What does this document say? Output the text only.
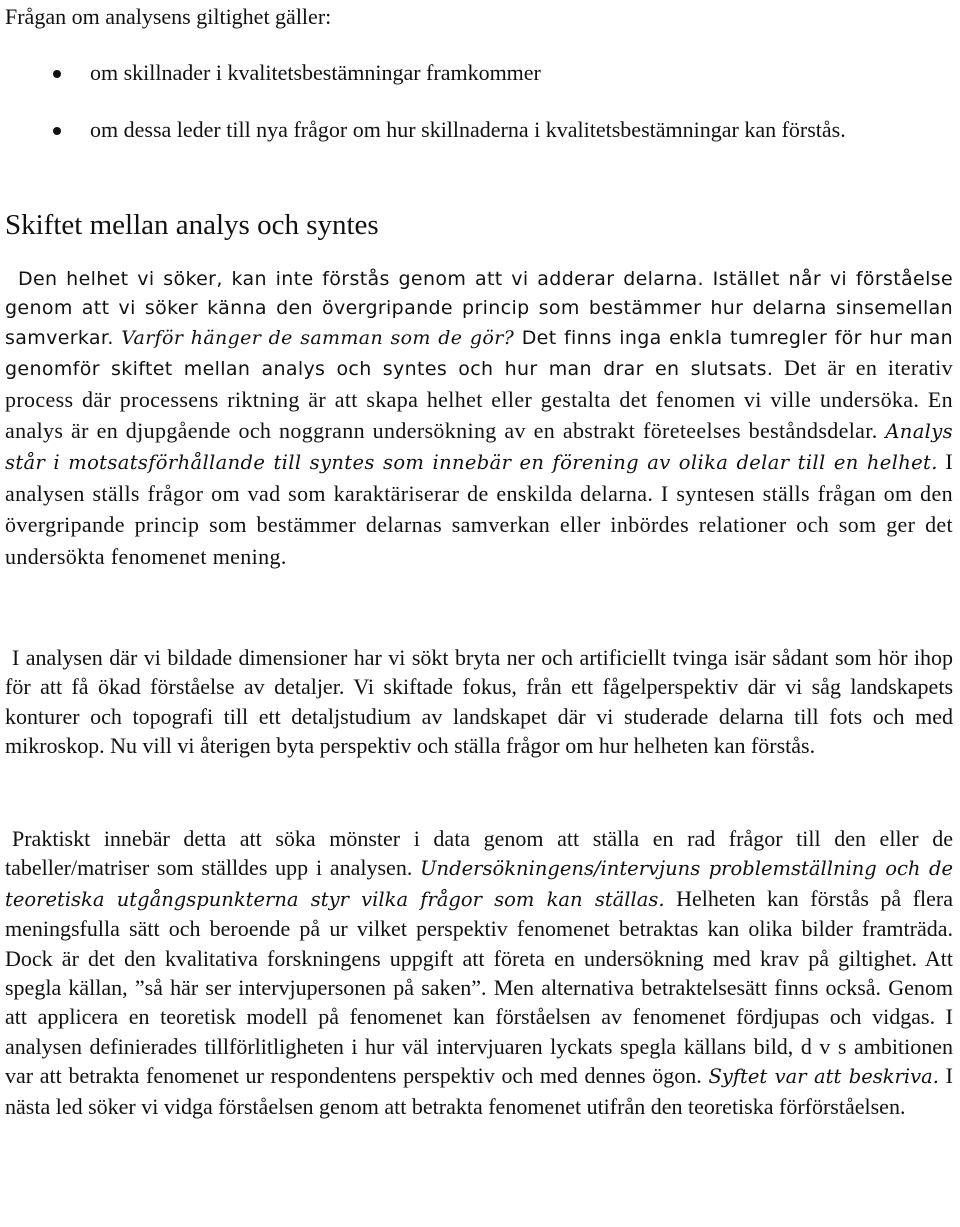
Frågan om analysens giltighet gäller:

om skillnader i kvalitetsbestämningar framkommer
om dessa leder till nya frågor om hur skillnaderna i kvalitetsbestämningar kan förstås.
Skiftet mellan analys och syntes

Den helhet vi söker, kan inte förstås genom att vi adderar delarna. Istället når vi förståelse genom att vi söker känna den övergripande princip som bestämmer hur delarna sinsemellan samverkar. Varför hänger de samman som de gör? Det finns inga enkla tumregler för hur man genomför skiftet mellan analys och syntes och hur man drar en slutsats. Det är en iterativ process där processens riktning är att skapa helhet eller gestalta det fenomen vi ville undersöka. En analys är en djupgående och noggrann undersökning av en abstrakt företeelses beståndsdelar. Analys står i motsatsförhållande till syntes som innebär en förening av olika delar till en helhet. I analysen ställs frågor om vad som karaktäriserar de enskilda delarna. I syntesen ställs frågan om den övergripande princip som bestämmer delarnas samverkan eller inbördes relationer och som ger det undersökta fenomenet mening.

I analysen där vi bildade dimensioner har vi sökt bryta ner och artificiellt tvinga isär sådant som hör ihop för att få ökad förståelse av detaljer. Vi skiftade fokus, från ett fågelperspektiv där vi såg landskapets konturer och topografi till ett detaljstudium av landskapet där vi studerade delarna till fots och med mikroskop. Nu vill vi återigen byta perspektiv och ställa frågor om hur helheten kan förstås.

Praktiskt innebär detta att söka mönster i data genom att ställa en rad frågor till den eller de tabeller/matriser som ställdes upp i analysen. Undersökningens/intervjuns problemställning och de teoretiska utgångspunkterna styr vilka frågor som kan ställas. Helheten kan förstås på flera meningsfulla sätt och beroende på ur vilket perspektiv fenomenet betraktas kan olika bilder framträda. Dock är det den kvalitativa forskningens uppgift att företa en undersökning med krav på giltighet. Att spegla källan, ”så här ser intervjupersonen på saken”. Men alternativa betraktelsesätt finns också. Genom att applicera en teoretisk modell på fenomenet kan förståelsen av fenomenet fördjupas och vidgas. I analysen definierades tillförlitligheten i hur väl intervjuaren lyckats spegla källans bild, d v s ambitionen var att betrakta fenomenet ur respondentens perspektiv och med dennes ögon. Syftet var att beskriva. I nästa led söker vi vidga förståelsen genom att betrakta fenomenet utifrån den teoretiska förförståelsen.
